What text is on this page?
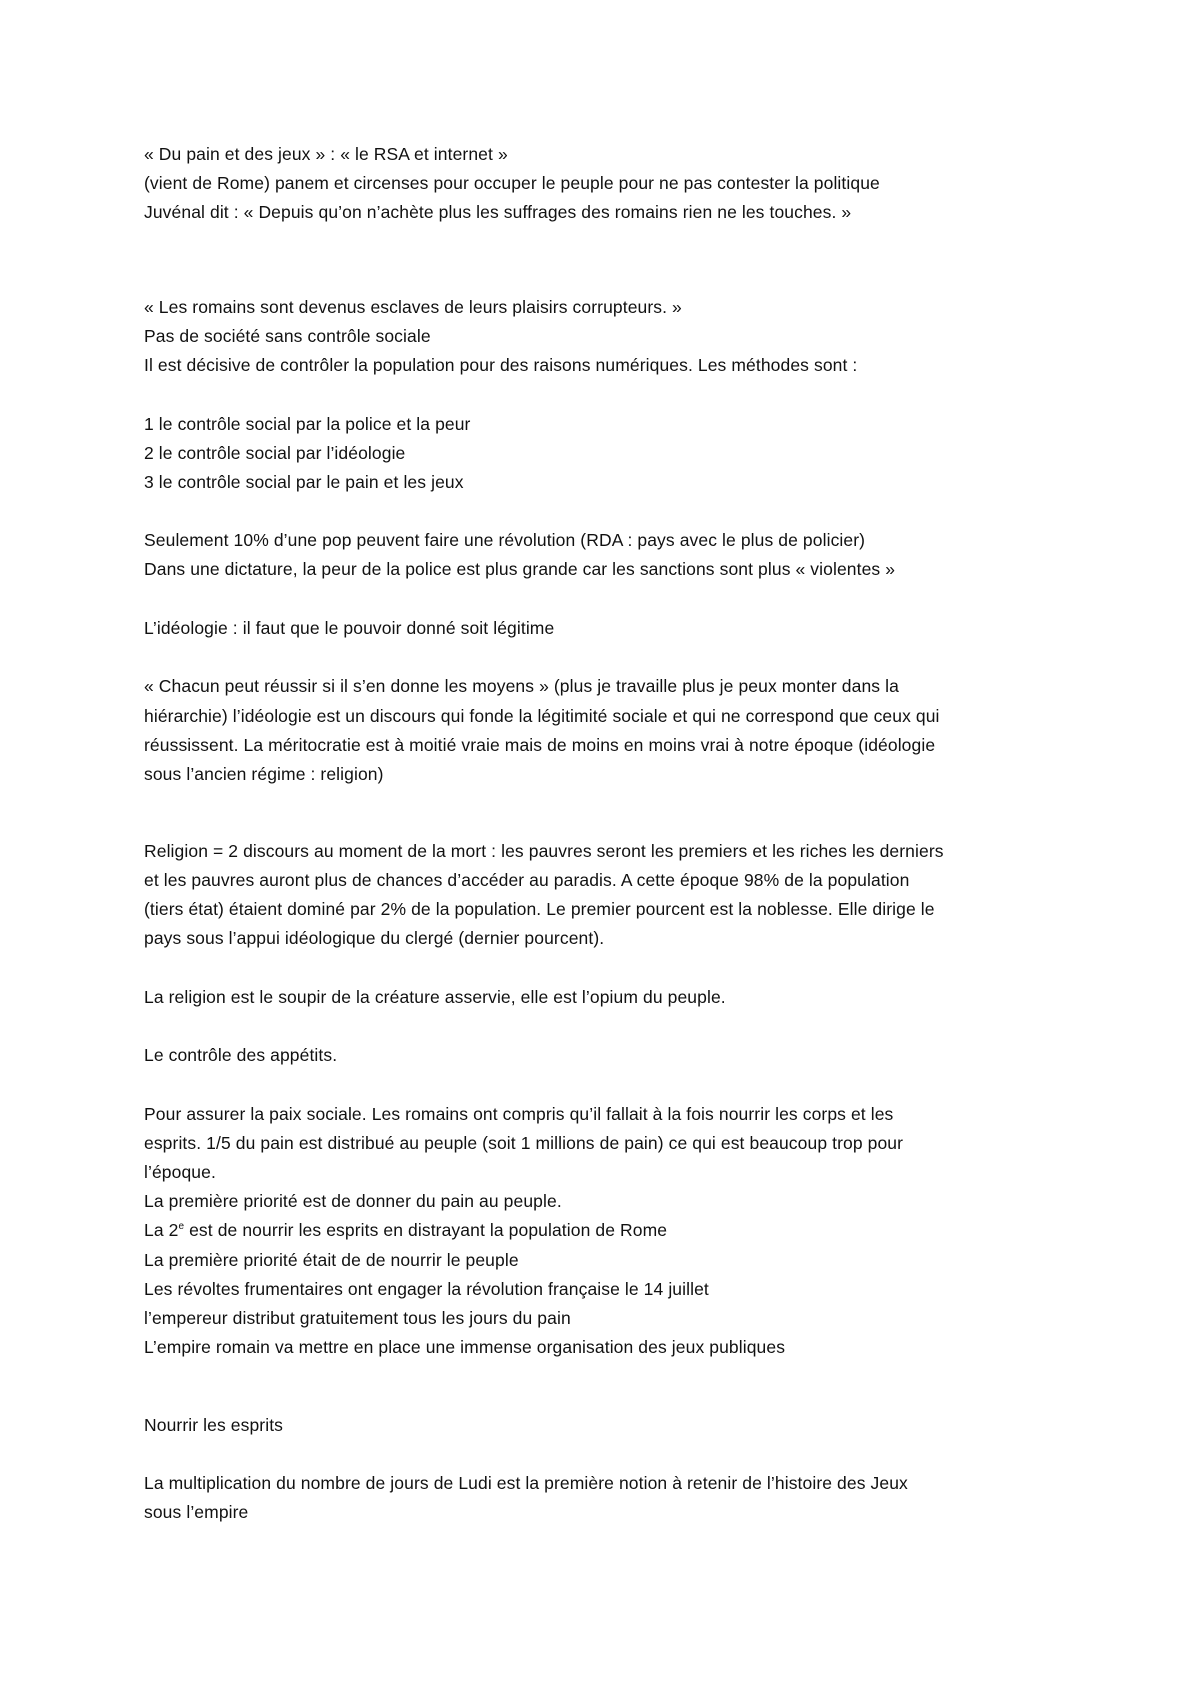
« Du pain et des jeux » : « le RSA et internet »
(vient de Rome) panem et circenses pour occuper le peuple pour ne pas contester la politique
Juvénal dit : « Depuis qu’on n’achète plus les suffrages des romains rien ne les touches. »
« Les romains sont devenus esclaves de leurs plaisirs corrupteurs. »
Pas de société sans contrôle sociale
Il est décisive de contrôler la population pour des raisons numériques. Les méthodes sont :
1 le contrôle social par la police et la peur
2 le contrôle social par l’idéologie
3 le contrôle social par le pain et les jeux
Seulement 10% d’une pop peuvent faire une révolution (RDA : pays avec le plus de policier)
Dans une dictature, la peur de la police est plus grande car les sanctions sont plus « violentes »
L’idéologie : il faut que le pouvoir donné soit légitime
« Chacun peut réussir si il s’en donne les moyens » (plus je travaille plus je peux monter dans la
hiérarchie) l’idéologie est un discours qui fonde la légitimité sociale et qui ne correspond que ceux qui
réussissent. La méritocratie est à moitié vraie mais de moins en moins vrai à notre époque (idéologie
sous l’ancien régime : religion)
Religion = 2 discours au moment de la mort : les pauvres seront les premiers et les riches les derniers
et les pauvres auront plus de chances d’accéder au paradis. A cette époque 98% de la population
(tiers état) étaient dominé par 2% de la population. Le premier pourcent est la noblesse. Elle dirige le
pays sous l’appui idéologique du clergé (dernier pourcent).
La religion est le soupir de la créature asservie, elle est l’opium du peuple.
Le contrôle des appétits.
Pour assurer la paix sociale. Les romains ont compris qu’il fallait à la fois nourrir les corps et les
esprits. 1/5 du pain est distribué au peuple (soit 1 millions de pain) ce qui est beaucoup trop pour
l’époque.
La première priorité est de donner du pain au peuple.
La 2e est de nourrir les esprits en distrayant la population de Rome
La première priorité était de de nourrir le peuple
Les révoltes frumentaires ont engager la révolution française le 14 juillet
l’empereur distribut gratuitement tous les jours du pain
L’empire romain va mettre en place une immense organisation des jeux publiques
Nourrir les esprits
La multiplication du nombre de jours de Ludi est la première notion à retenir de l’histoire des Jeux
sous l’empire
